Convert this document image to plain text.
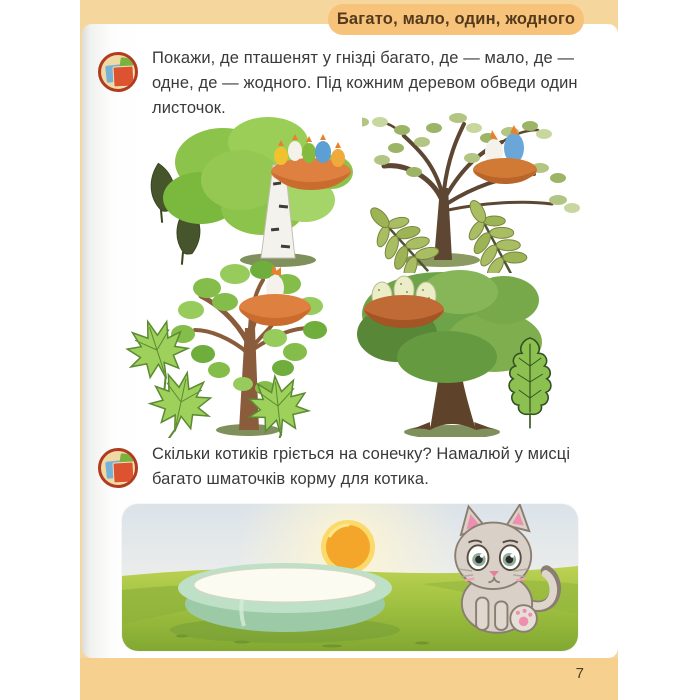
Багато, мало, один, жодного
Покажи, де пташенят у гнізді багато, де — мало, де — одне, де — жодного. Під кожним деревом обведи один листочок.
Скільки котиків гріється на сонечку? Намалюй у мисці багато шматочків корму для котика.
7
